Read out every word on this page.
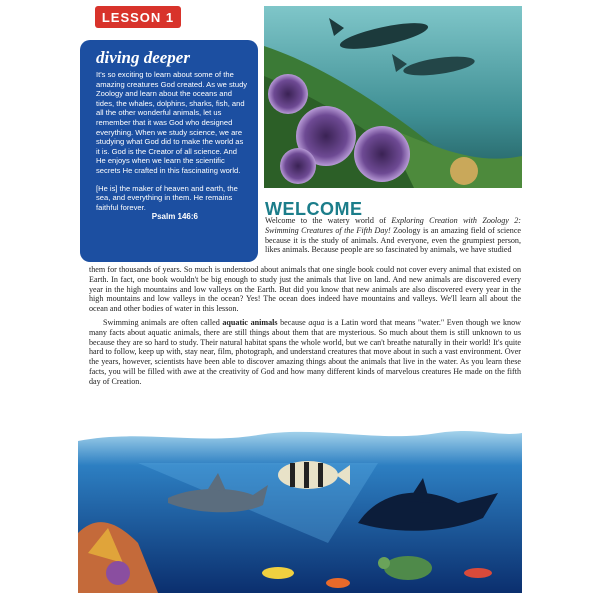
LESSON 1
diving deeper
It's so exciting to learn about some of the amazing creatures God created. As we study Zoology and learn about the oceans and tides, the whales, dolphins, sharks, fish, and all the other wonderful animals, let us remember that it was God who designed everything. When we study science, we are studying what God did to make the world as it is. God is the Creator of all science. And He enjoys when we learn the scientific secrets He crafted in this fascinating world.
[He is] the maker of heaven and earth, the sea, and everything in them. He remains faithful forever.
Psalm 146:6	WELCOME
Welcome to the watery world of Exploring Creation with Zoology 2: Swimming Creatures of the Fifth Day! Zoology is an amazing field of science because it is the study of animals. And everyone, even the grumpiest person, likes animals. Because people are so fascinated by animals, we have studied

them for thousands of years. So much is understood about animals that one single book could not cover every animal that existed on Earth. In fact, one book wouldn't be big enough to study just the animals that live on land. And new animals are discovered every year in the high mountains and low valleys on the Earth. But did you know that new animals are also discovered every year in the high mountains and low valleys in the ocean? Yes! The ocean does indeed have mountains and valleys. We'll learn all about the ocean and other bodies of water in this lesson.

Swimming animals are often called aquatic animals because aqua is a Latin word that means "water." Even though we know many facts about aquatic animals, there are still things about them that are mysterious. So much about them is still unknown to us because they are so hard to study. Their natural habitat spans the whole world, but we can't breathe naturally in their world! It's quite hard to follow, keep up with, stay near, film, photograph, and understand creatures that move about in such a vast environment. Over the years, however, scientists have been able to discover amazing things about the animals that live in the water. As you learn these facts, you will be filled with awe at the creativity of God and how many different kinds of marvelous creatures He made on the fifth day of Creation.
